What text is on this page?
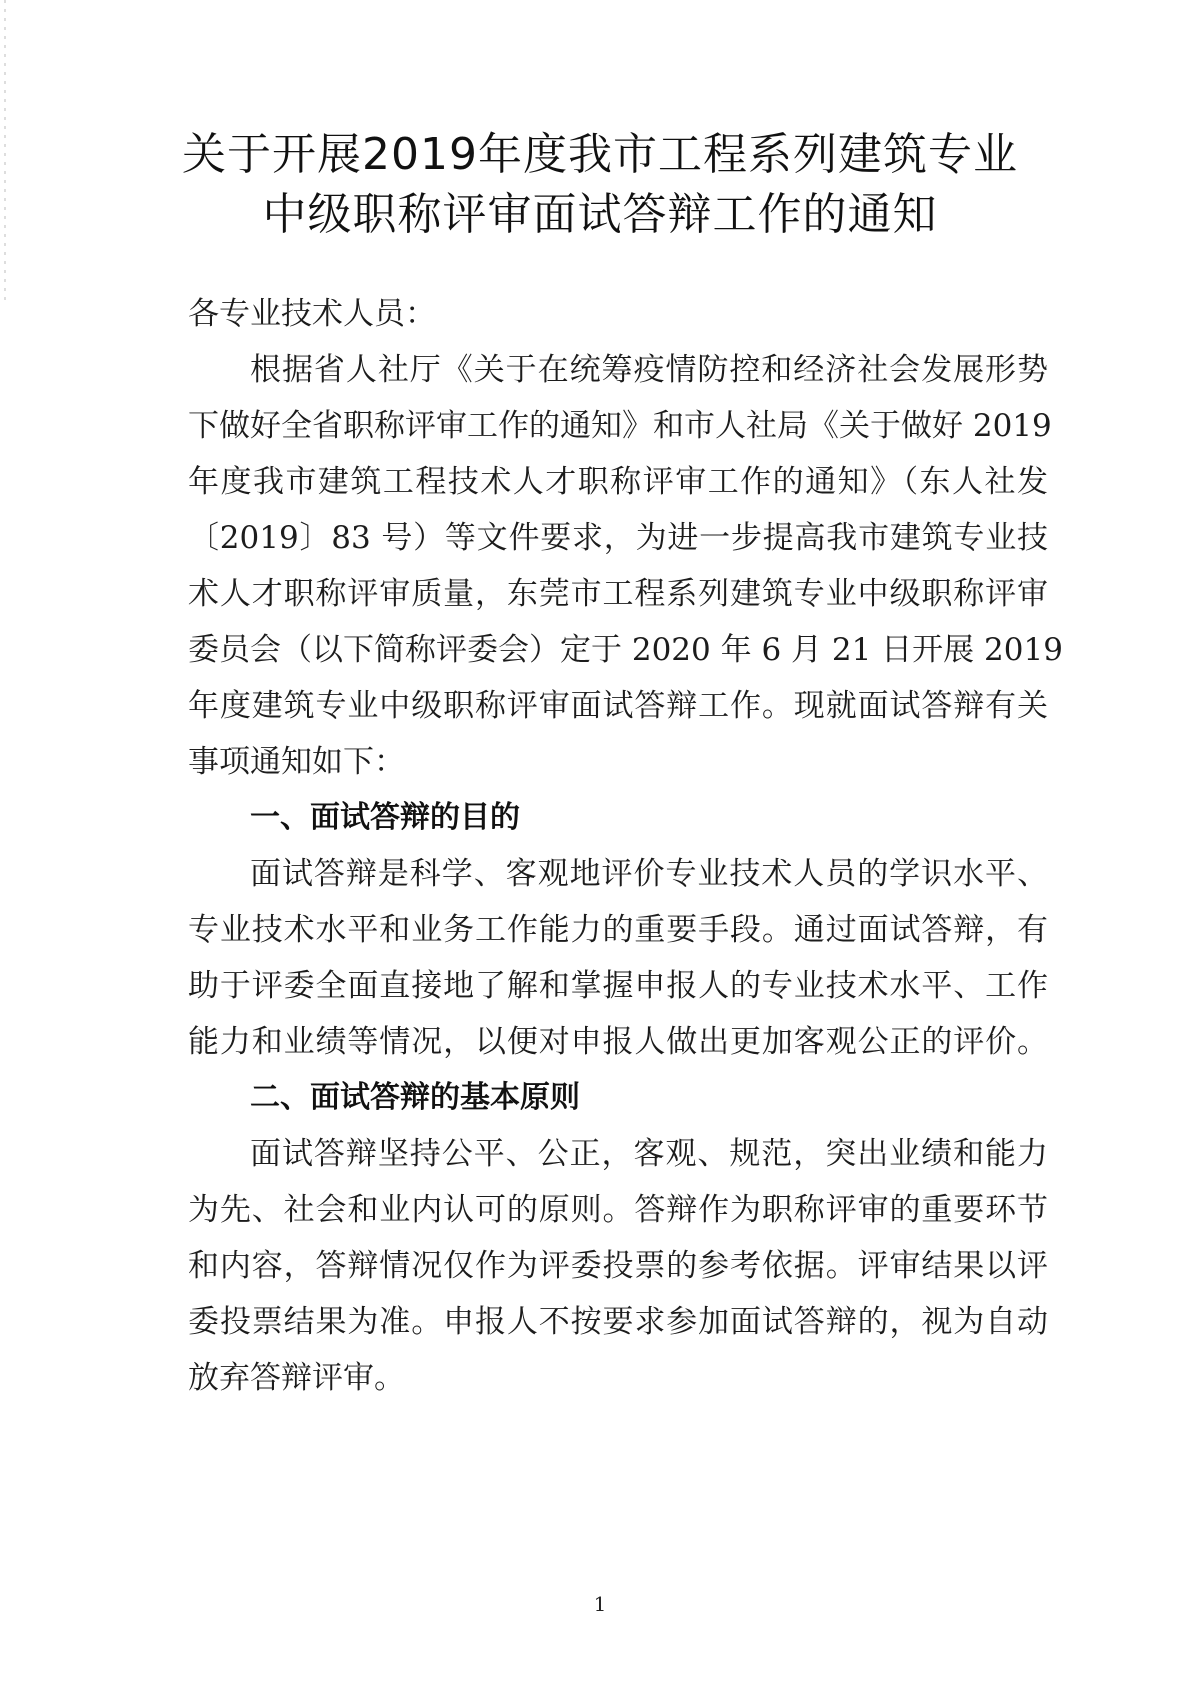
关于开展2019年度我市工程系列建筑专业
中级职称评审面试答辩工作的通知
各专业技术人员：
根据省人社厅《关于在统筹疫情防控和经济社会发展形势
下做好全省职称评审工作的通知》和市人社局《关于做好 2019
年度我市建筑工程技术人才职称评审工作的通知》（东人社发
〔2019〕83 号）等文件要求，为进一步提高我市建筑专业技
术人才职称评审质量，东莞市工程系列建筑专业中级职称评审
委员会（以下简称评委会）定于 2020 年 6 月 21 日开展 2019
年度建筑专业中级职称评审面试答辩工作。现就面试答辩有关
事项通知如下：
一、面试答辩的目的
面试答辩是科学、客观地评价专业技术人员的学识水平、
专业技术水平和业务工作能力的重要手段。通过面试答辩，有
助于评委全面直接地了解和掌握申报人的专业技术水平、工作
能力和业绩等情况，以便对申报人做出更加客观公正的评价。
二、面试答辩的基本原则
面试答辩坚持公平、公正，客观、规范，突出业绩和能力
为先、社会和业内认可的原则。答辩作为职称评审的重要环节
和内容，答辩情况仅作为评委投票的参考依据。评审结果以评
委投票结果为准。申报人不按要求参加面试答辩的，视为自动
放弃答辩评审。
1
